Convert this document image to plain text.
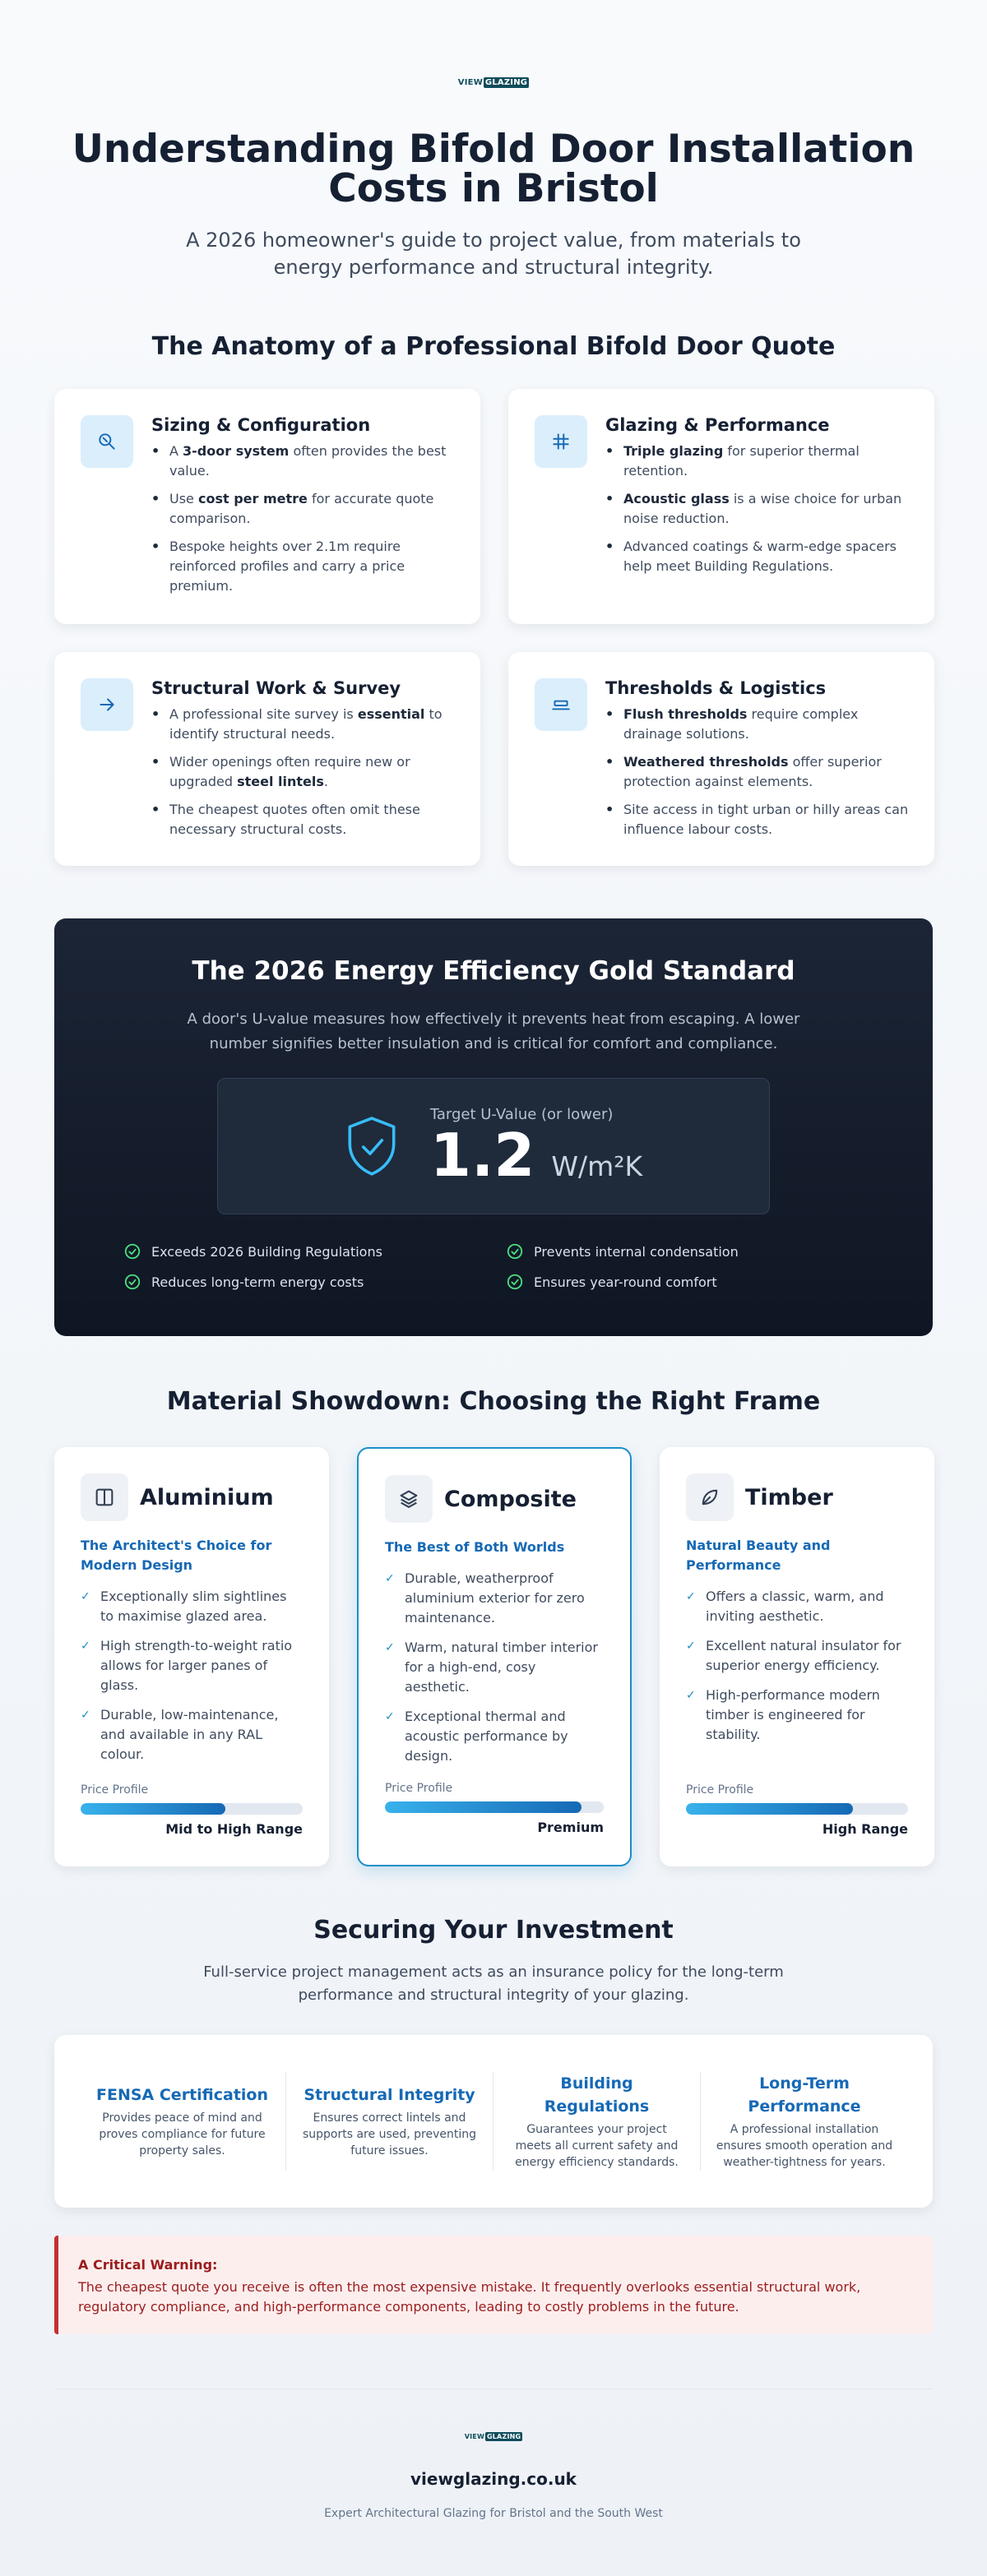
VIEW GLAZING
Understanding Bifold Door Installation Costs in Bristol

A 2026 homeowner's guide to project value, from materials to energy performance and structural integrity.

The Anatomy of a Professional Bifold Door Quote
Sizing & Configuration
• A 3-door system often provides the best value.
• Use cost per metre for accurate quote comparison.
• Bespoke heights over 2.1m require reinforced profiles and carry a price premium.
Glazing & Performance
• Triple glazing for superior thermal retention.
• Acoustic glass is a wise choice for urban noise reduction.
• Advanced coatings & warm-edge spacers help meet Building Regulations.
Structural Work & Survey
• A professional site survey is essential to identify structural needs.
• Wider openings often require new or upgraded steel lintels.
• The cheapest quotes often omit these necessary structural costs.
Thresholds & Logistics
• Flush thresholds require complex drainage solutions.
• Weathered thresholds offer superior protection against elements.
• Site access in tight urban or hilly areas can influence labour costs.
The 2026 Energy Efficiency Gold Standard

A door's U-value measures how effectively it prevents heat from escaping. A lower number signifies better insulation and is critical for comfort and compliance.

Target U-Value (or lower)
1.2 W/m²K
Exceeds 2026 Building Regulations	Prevents internal condensation
Reduces long-term energy costs	Ensures year-round comfort
Material Showdown: Choosing the Right Frame
Aluminium
The Architect's Choice for Modern Design
✓ Exceptionally slim sightlines to maximise glazed area.
✓ High strength-to-weight ratio allows for larger panes of glass.
✓ Durable, low-maintenance, and available in any RAL colour.
Price Profile
Mid to High Range
Composite
The Best of Both Worlds
✓ Durable, weatherproof aluminium exterior for zero maintenance.
✓ Warm, natural timber interior for a high-end, cosy aesthetic.
✓ Exceptional thermal and acoustic performance by design.
Price Profile
Premium
Timber
Natural Beauty and Performance
✓ Offers a classic, warm, and inviting aesthetic.
✓ Excellent natural insulator for superior energy efficiency.
✓ High-performance modern timber is engineered for stability.
Price Profile
High Range
Securing Your Investment

Full-service project management acts as an insurance policy for the long-term performance and structural integrity of your glazing.

FENSA Certification
Provides peace of mind and proves compliance for future property sales.
Structural Integrity
Ensures correct lintels and supports are used, preventing future issues.
Building Regulations
Guarantees your project meets all current safety and energy efficiency standards.
Long-Term Performance
A professional installation ensures smooth operation and weather-tightness for years.
A Critical Warning:
The cheapest quote you receive is often the most expensive mistake. It frequently overlooks essential structural work, regulatory compliance, and high-performance components, leading to costly problems in the future.
VIEW GLAZING
viewglazing.co.uk
Expert Architectural Glazing for Bristol and the South West
